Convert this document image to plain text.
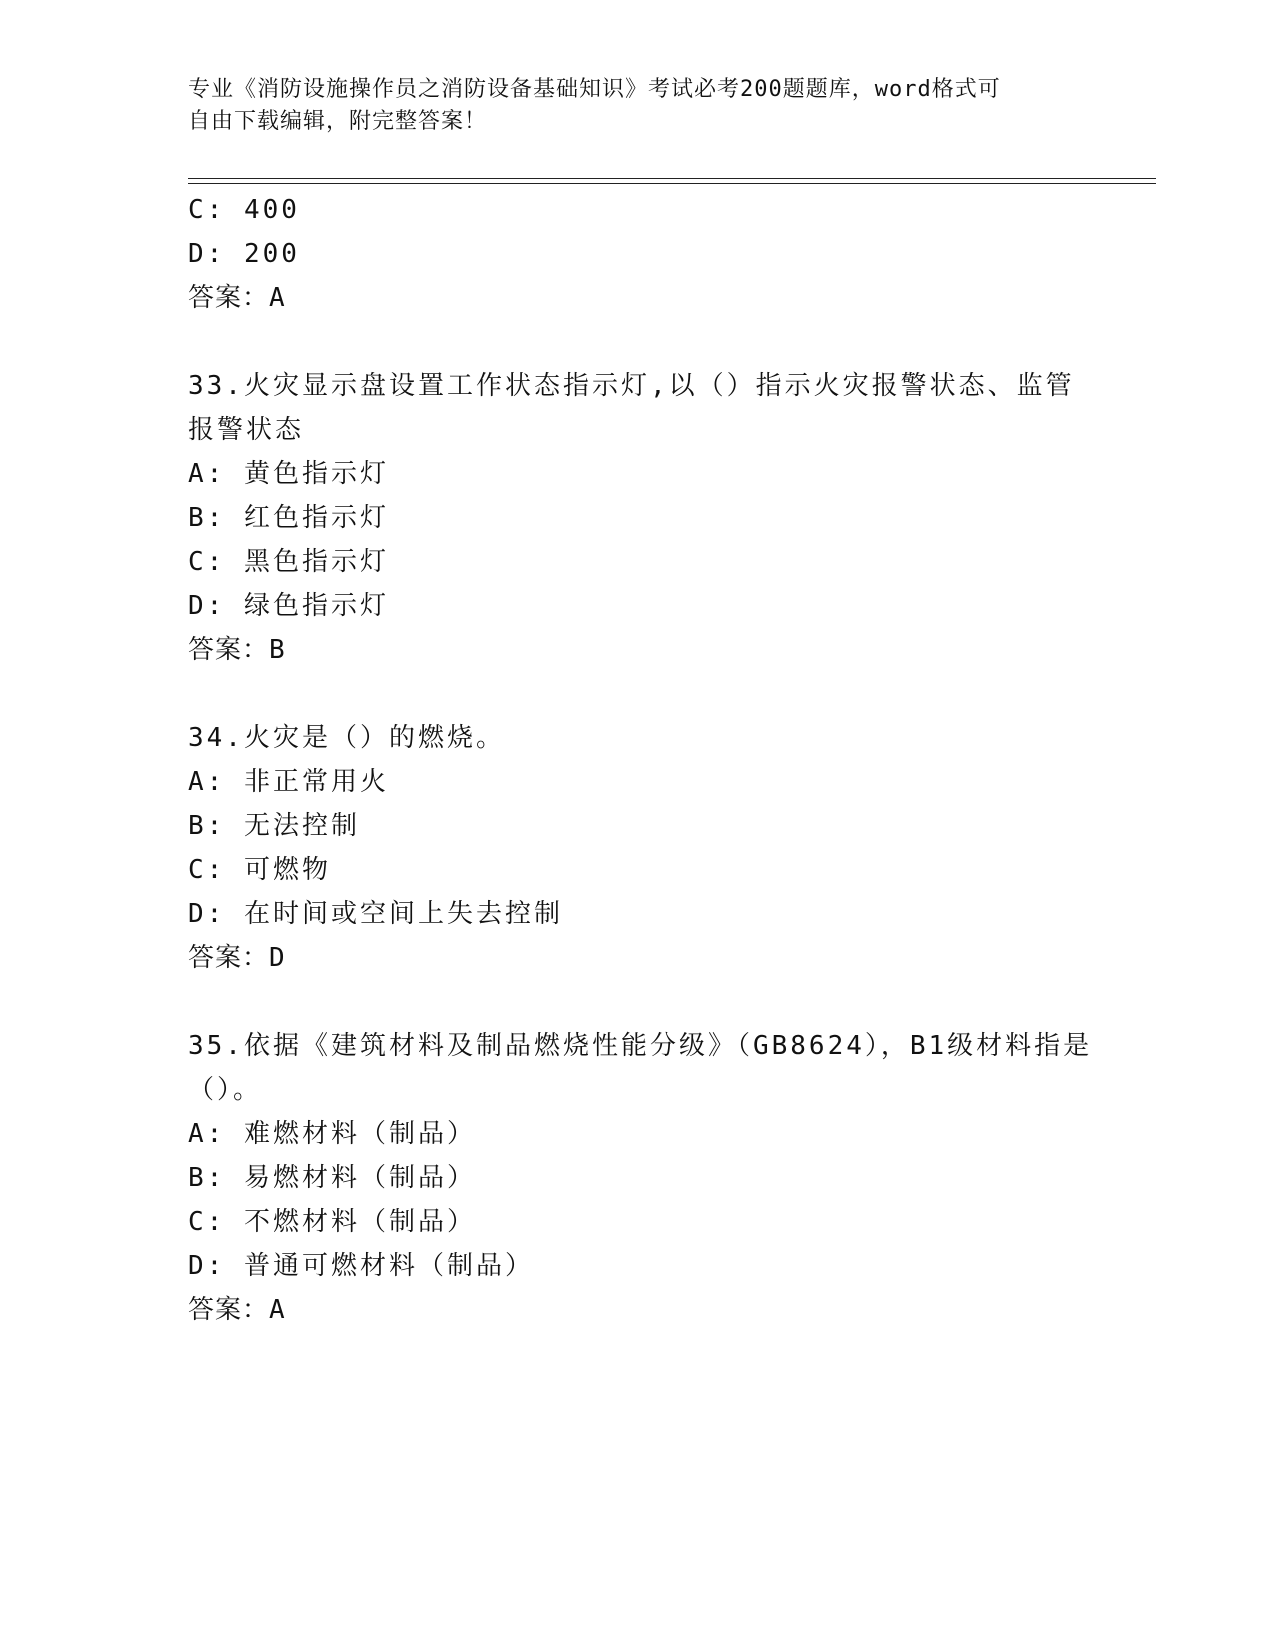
专业《消防设施操作员之消防设备基础知识》考试必考200题题库，word格式可
自由下载编辑，附完整答案！
C: 400
D: 200
答案：A
33.火灾显示盘设置工作状态指示灯,以（）指示火灾报警状态、监管
报警状态
A: 黄色指示灯
B: 红色指示灯
C: 黑色指示灯
D: 绿色指示灯
答案：B
34.火灾是（）的燃烧。
A: 非正常用火
B: 无法控制
C: 可燃物
D: 在时间或空间上失去控制
答案：D
35.依据《建筑材料及制品燃烧性能分级》（GB8624），B1级材料指是
（）。
A: 难燃材料（制品）
B: 易燃材料（制品）
C: 不燃材料（制品）
D: 普通可燃材料（制品）
答案：A
